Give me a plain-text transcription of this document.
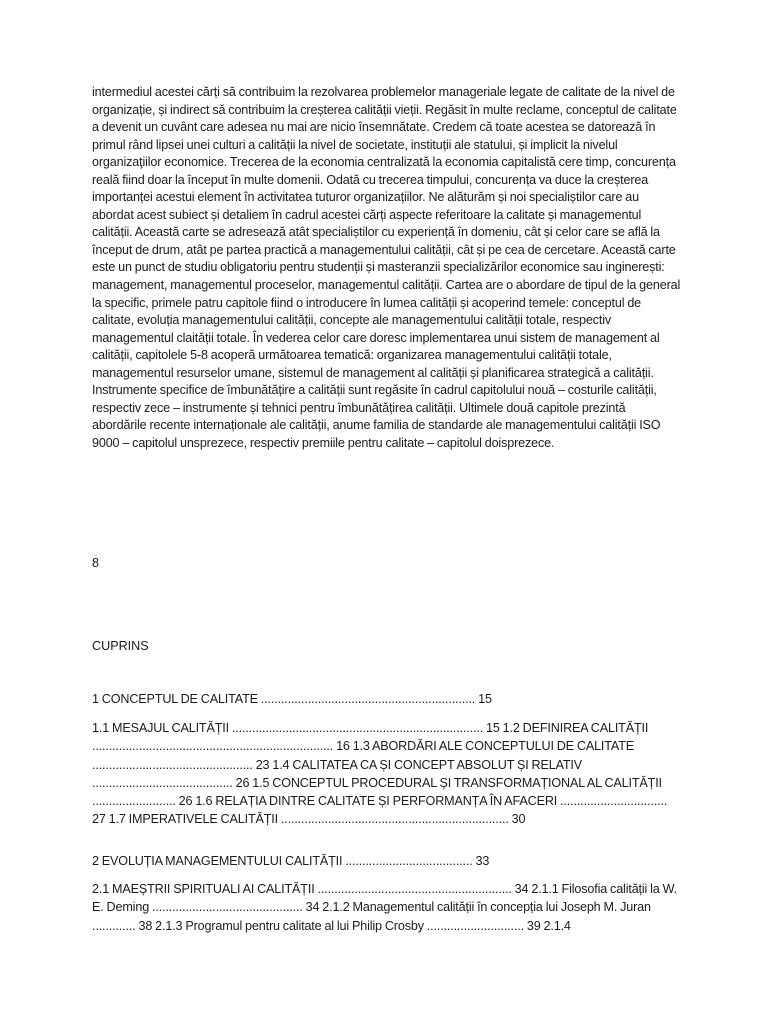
intermediul acestei cărți să contribuim la rezolvarea problemelor manageriale legate de calitate de la nivel de organizație, și indirect să contribuim la creșterea calității vieții. Regăsit în multe reclame, conceptul de calitate a devenit un cuvânt care adesea nu mai are nicio însemnătate. Credem că toate acestea se datorează în primul rând lipsei unei culturi a calității la nivel de societate, instituții ale statului, și implicit la nivelul organizaţiilor economice. Trecerea de la economia centralizată la economia capitalistă cere timp, concurența reală fiind doar la început în multe domenii. Odată cu trecerea timpului, concurența va duce la creșterea importanței acestui element în activitatea tuturor organizațiilor. Ne alăturăm și noi specialiștilor care au abordat acest subiect și detaliem în cadrul acestei cărți aspecte referitoare la calitate și managementul calității. Această carte se adresează atât specialiștilor cu experiență în domeniu, cât și celor care se află la început de drum, atât pe partea practică a managementului calității, cât și pe cea de cercetare. Această carte este un punct de studiu obligatoriu pentru studenții și masteranzii specializărilor economice sau inginerești: management, managementul proceselor, managementul calității. Cartea are o abordare de tipul de la general la specific, primele patru capitole fiind o introducere în lumea calității și acoperind temele: conceptul de calitate, evoluția managementului calității, concepte ale managementului calității totale, respectiv managementul claității totale. În vederea celor care doresc implementarea unui sistem de management al calității, capitolele 5-8 acoperă următoarea tematică: organizarea managementului calității totale, managementul resurselor umane, sistemul de management al calității și planificarea strategică a calității. Instrumente specifice de îmbunătățire a calității sunt regăsite în cadrul capitolului nouă – costurile calității, respectiv zece – instrumente și tehnici pentru îmbunătățirea calității. Ultimele două capitole prezintă abordările recente internaționale ale calității, anume familia de standarde ale managementului calității ISO 9000 – capitolul unsprezece, respectiv premiile pentru calitate – capitolul doisprezece.

8

CUPRINS

1 CONCEPTUL DE CALITATE ................................................................ 15

1.1 MESAJUL CALITĂȚII ........................................................................... 15 1.2 DEFINIREA CALITĂȚII ........................................................................ 16 1.3 ABORDĂRI ALE CONCEPTULUI DE CALITATE ................................................ 23 1.4 CALITATEA CA ȘI CONCEPT ABSOLUT ȘI RELATIV .......................................... 26 1.5 CONCEPTUL PROCEDURAL ȘI TRANSFORMAȚIONAL AL CALITĂȚII ......................... 26 1.6 RELAȚIA DINTRE CALITATE ȘI PERFORMANȚA ÎN AFACERI ................................ 27 1.7 IMPERATIVELE CALITĂȚII .................................................................... 30

2 EVOLUȚIA MANAGEMENTULUI CALITĂȚII ...................................... 33

2.1 MAEȘTRII SPIRITUALI AI CALITĂȚII .......................................................... 34 2.1.1 Filosofia calității la W. E. Deming ............................................. 34 2.1.2 Managementul calității în concepția lui Joseph M. Juran ............. 38 2.1.3 Programul pentru calitate al lui Philip Crosby ............................. 39 2.1.4
